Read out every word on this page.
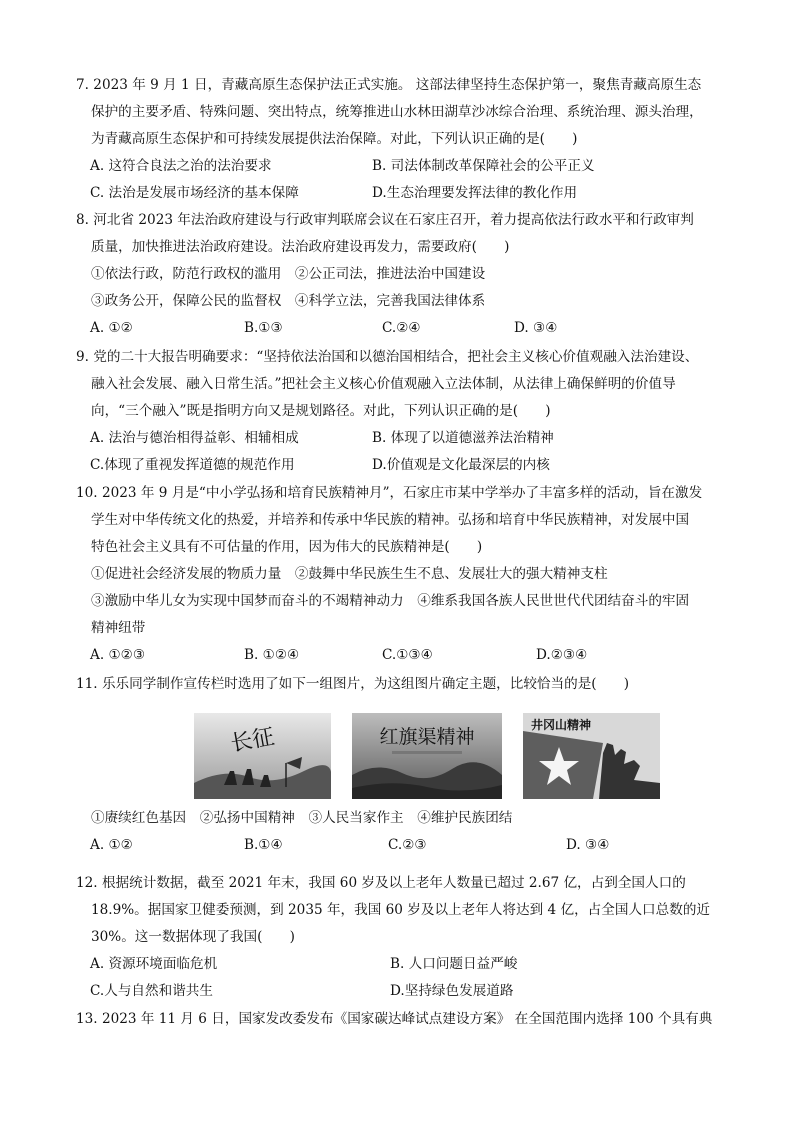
7. 2023 年 9 月 1 日，青藏高原生态保护法正式实施。 这部法律坚持生态保护第一，聚焦青藏高原生态
保护的主要矛盾、特殊问题、突出特点，统筹推进山水林田湖草沙冰综合治理、系统治理、源头治理，
为青藏高原生态保护和可持续发展提供法治保障。对此，下列认识正确的是(　　)
A. 这符合良法之治的法治要求	B. 司法体制改革保障社会的公平正义
C. 法治是发展市场经济的基本保障	D.生态治理要发挥法律的教化作用
8. 河北省 2023 年法治政府建设与行政审判联席会议在石家庄召开，着力提高依法行政水平和行政审判
质量，加快推进法治政府建设。法治政府建设再发力，需要政府(　　)
①依法行政，防范行政权的滥用　②公正司法，推进法治中国建设
③政务公开，保障公民的监督权　④科学立法，完善我国法律体系
A. ①②	B.①③	C.②④	D. ③④
9. 党的二十大报告明确要求：“坚持依法治国和以德治国相结合，把社会主义核心价值观融入法治建设、
融入社会发展、融入日常生活。”把社会主义核心价值观融入立法体制，从法律上确保鲜明的价值导
向，“三个融入”既是指明方向又是规划路径。对此，下列认识正确的是(　　)
A. 法治与德治相得益彰、相辅相成	B. 体现了以道德滋养法治精神
C.体现了重视发挥道德的规范作用	D.价值观是文化最深层的内核
10. 2023 年 9 月是“中小学弘扬和培育民族精神月”，石家庄市某中学举办了丰富多样的活动，旨在激发
学生对中华传统文化的热爱，并培养和传承中华民族的精神。弘扬和培育中华民族精神，对发展中国
特色社会主义具有不可估量的作用，因为伟大的民族精神是(　　)
①促进社会经济发展的物质力量　②鼓舞中华民族生生不息、发展壮大的强大精神支柱
③激励中华儿女为实现中国梦而奋斗的不竭精神动力　④维系我国各族人民世世代代团结奋斗的牢固
精神纽带
A. ①②③	B. ①②④	C.①③④	D.②③④
11. 乐乐同学制作宣传栏时选用了如下一组图片，为这组图片确定主题，比较恰当的是(　　)
长征	红旗渠精神
井冈山精神
①赓续红色基因　②弘扬中国精神　③人民当家作主　④维护民族团结
A. ①②	B.①④	C.②③	D. ③④
12. 根据统计数据，截至 2021 年末，我国 60 岁及以上老年人数量已超过 2.67 亿，占到全国人口的
18.9%。据国家卫健委预测，到 2035 年，我国 60 岁及以上老年人将达到 4 亿，占全国人口总数的近
30%。这一数据体现了我国(　　)
A. 资源环境面临危机	B. 人口问题日益严峻
C.人与自然和谐共生	D.坚持绿色发展道路
13. 2023 年 11 月 6 日，国家发改委发布《国家碳达峰试点建设方案》 在全国范围内选择 100 个具有典
